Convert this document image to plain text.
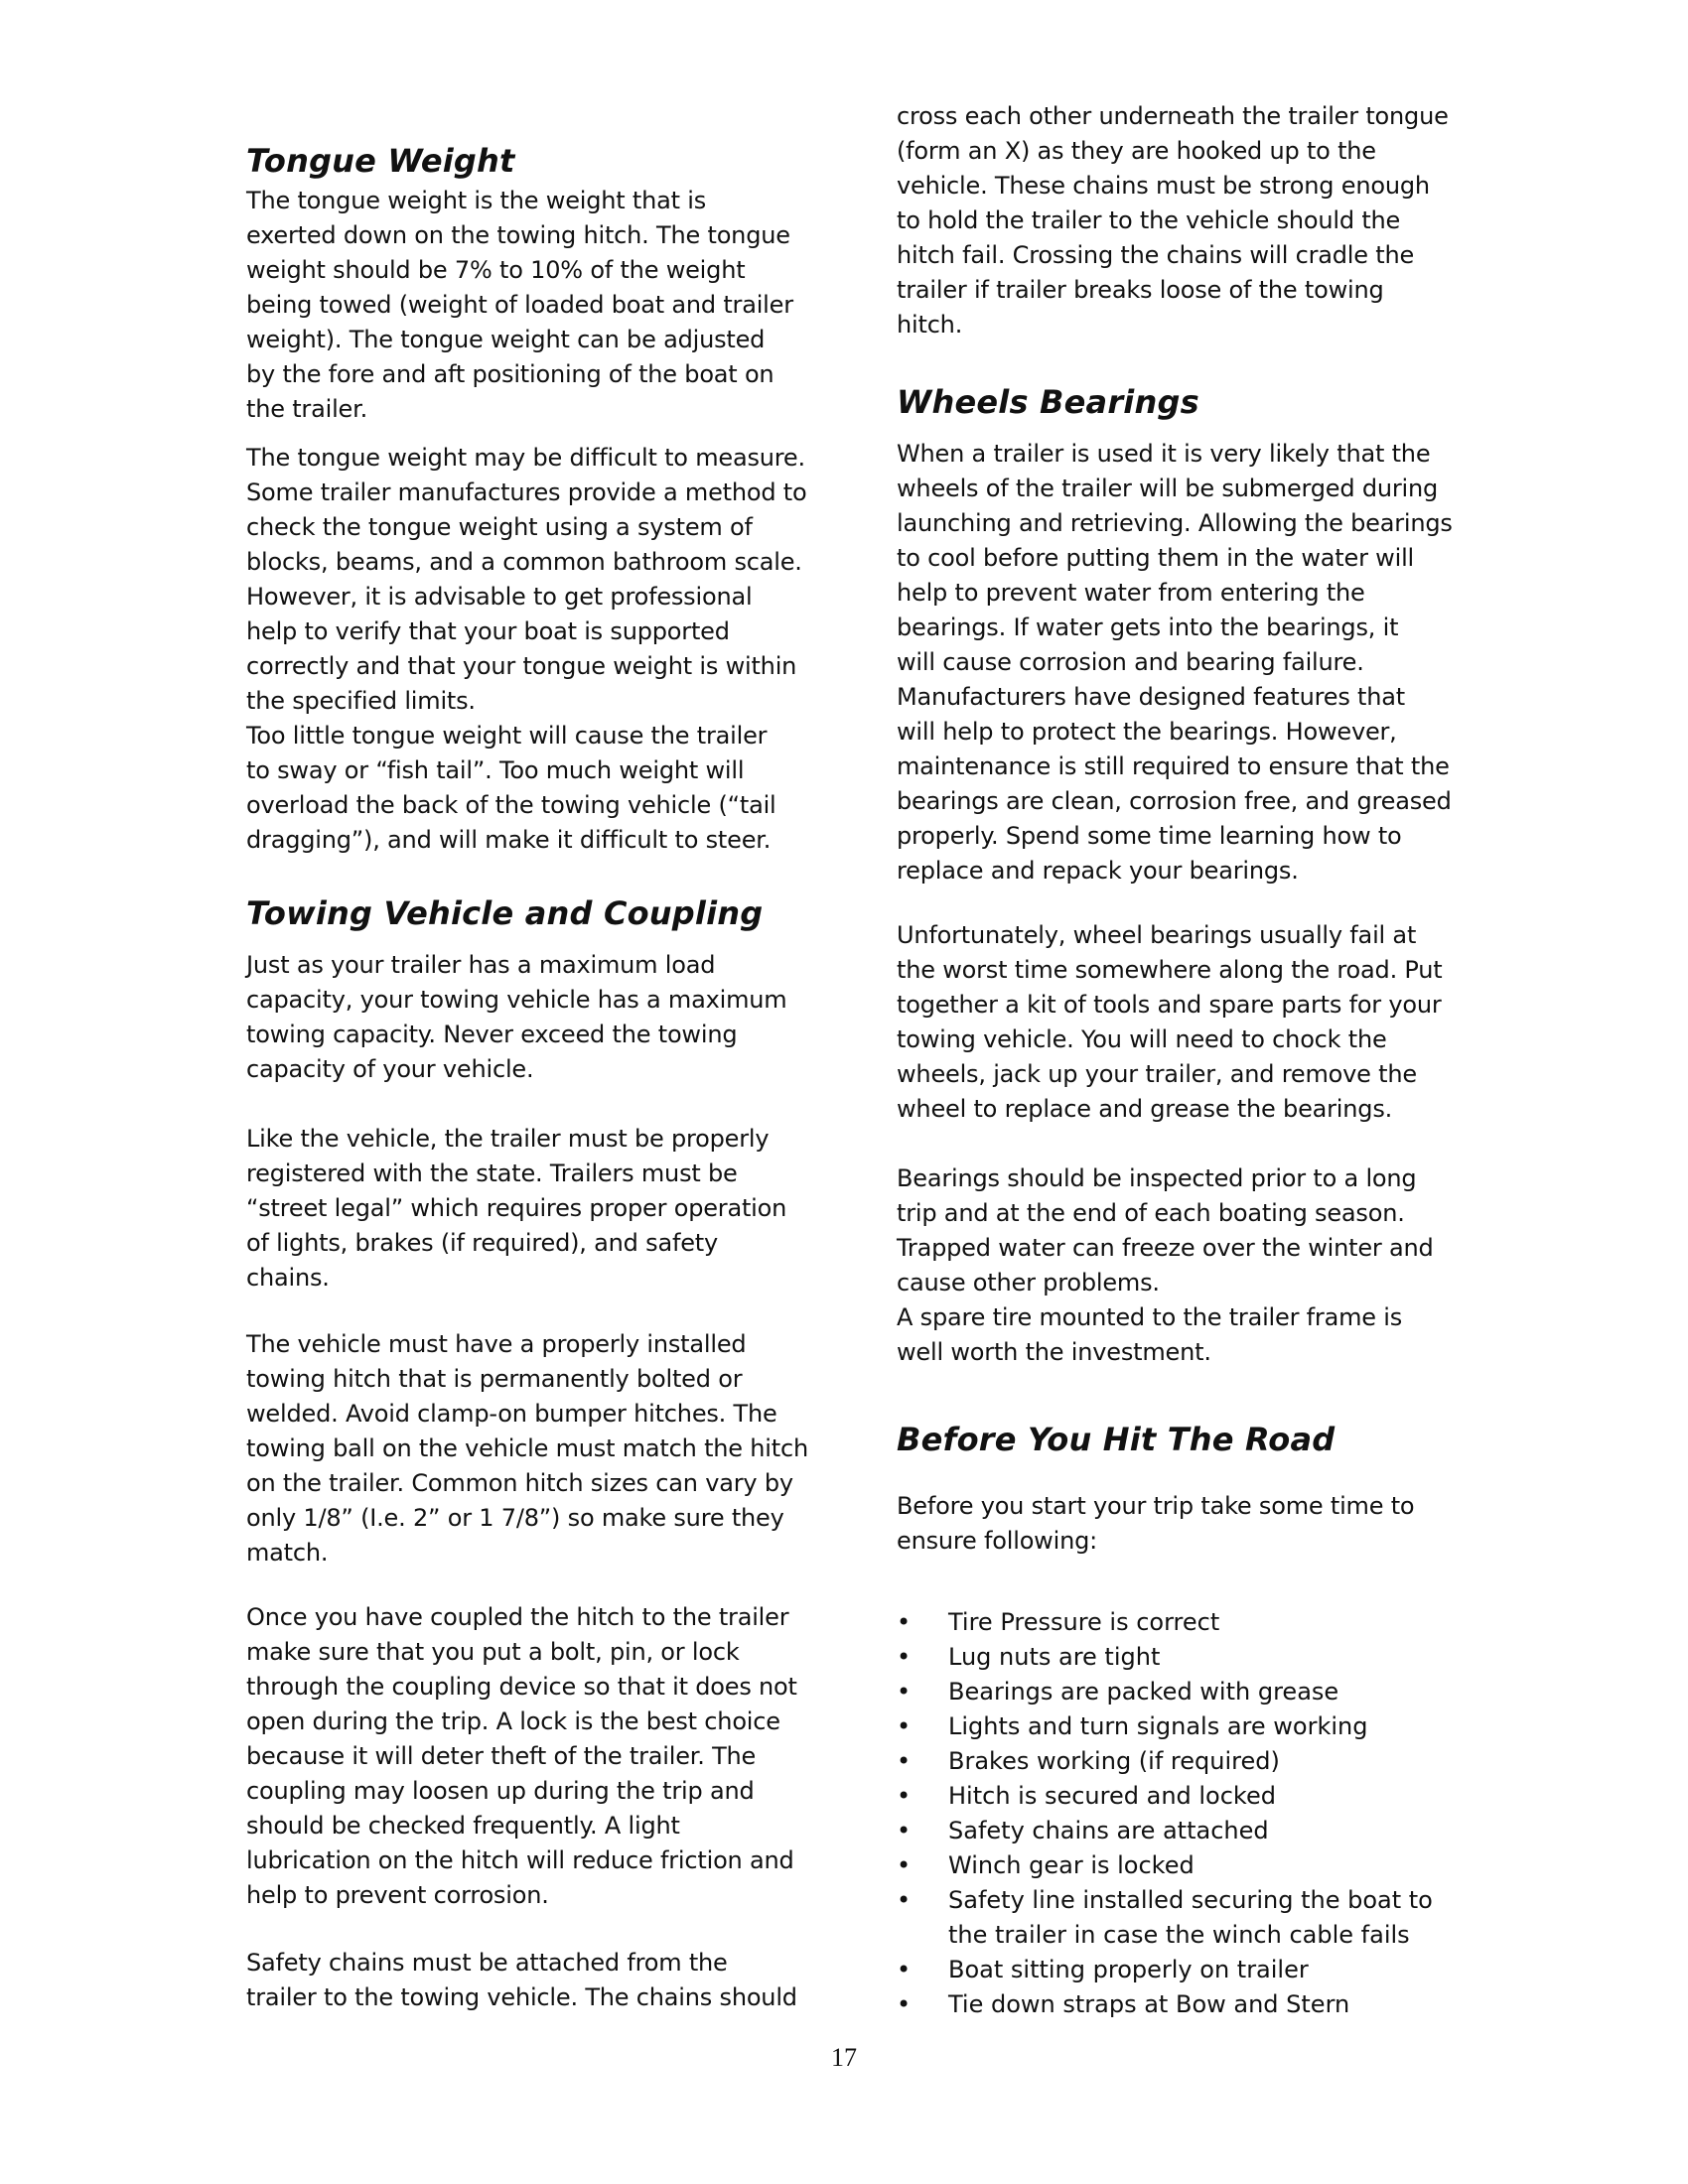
Tongue Weight

The tongue weight is the weight that is
exerted down on the towing hitch. The tongue
weight should be 7% to 10% of the weight
being towed (weight of loaded boat and trailer
weight). The tongue weight can be adjusted
by the fore and aft positioning of the boat on
the trailer.

The tongue weight may be difficult to measure.
Some trailer manufactures provide a method to
check the tongue weight using a system of
blocks, beams, and a common bathroom scale.
However, it is advisable to get professional
help to verify that your boat is supported
correctly and that your tongue weight is within
the specified limits.
Too little tongue weight will cause the trailer
to sway or “fish tail”. Too much weight will
overload the back of the towing vehicle (“tail
dragging”), and will make it difficult to steer.

Towing Vehicle and Coupling

Just as your trailer has a maximum load
capacity, your towing vehicle has a maximum
towing capacity. Never exceed the towing
capacity of your vehicle.

Like the vehicle, the trailer must be properly
registered with the state. Trailers must be
“street legal” which requires proper operation
of lights, brakes (if required), and safety
chains.

The vehicle must have a properly installed
towing hitch that is permanently bolted or
welded. Avoid clamp-on bumper hitches. The
towing ball on the vehicle must match the hitch
on the trailer. Common hitch sizes can vary by
only 1/8” (I.e. 2” or 1 7/8”) so make sure they
match.

Once you have coupled the hitch to the trailer
make sure that you put a bolt, pin, or lock
through the coupling device so that it does not
open during the trip. A lock is the best choice
because it will deter theft of the trailer. The
coupling may loosen up during the trip and
should be checked frequently. A light
lubrication on the hitch will reduce friction and
help to prevent corrosion.

Safety chains must be attached from the
trailer to the towing vehicle. The chains should

cross each other underneath the trailer tongue
(form an X) as they are hooked up to the
vehicle. These chains must be strong enough
to hold the trailer to the vehicle should the
hitch fail. Crossing the chains will cradle the
trailer if trailer breaks loose of the towing
hitch.

Wheels Bearings

When a trailer is used it is very likely that the
wheels of the trailer will be submerged during
launching and retrieving. Allowing the bearings
to cool before putting them in the water will
help to prevent water from entering the
bearings. If water gets into the bearings, it
will cause corrosion and bearing failure.
Manufacturers have designed features that
will help to protect the bearings. However,
maintenance is still required to ensure that the
bearings are clean, corrosion free, and greased
properly. Spend some time learning how to
replace and repack your bearings.

Unfortunately, wheel bearings usually fail at
the worst time somewhere along the road. Put
together a kit of tools and spare parts for your
towing vehicle. You will need to chock the
wheels, jack up your trailer, and remove the
wheel to replace and grease the bearings.

Bearings should be inspected prior to a long
trip and at the end of each boating season.
Trapped water can freeze over the winter and
cause other problems.
A spare tire mounted to the trailer frame is
well worth the investment.

Before You Hit The Road

Before you start your trip take some time to
ensure following:

• Tire Pressure is correct
• Lug nuts are tight
• Bearings are packed with grease
• Lights and turn signals are working
• Brakes working (if required)
• Hitch is secured and locked
• Safety chains are attached
• Winch gear is locked
• Safety line installed securing the boat to
the trailer in case the winch cable fails
• Boat sitting properly on trailer
• Tie down straps at Bow and Stern
17
